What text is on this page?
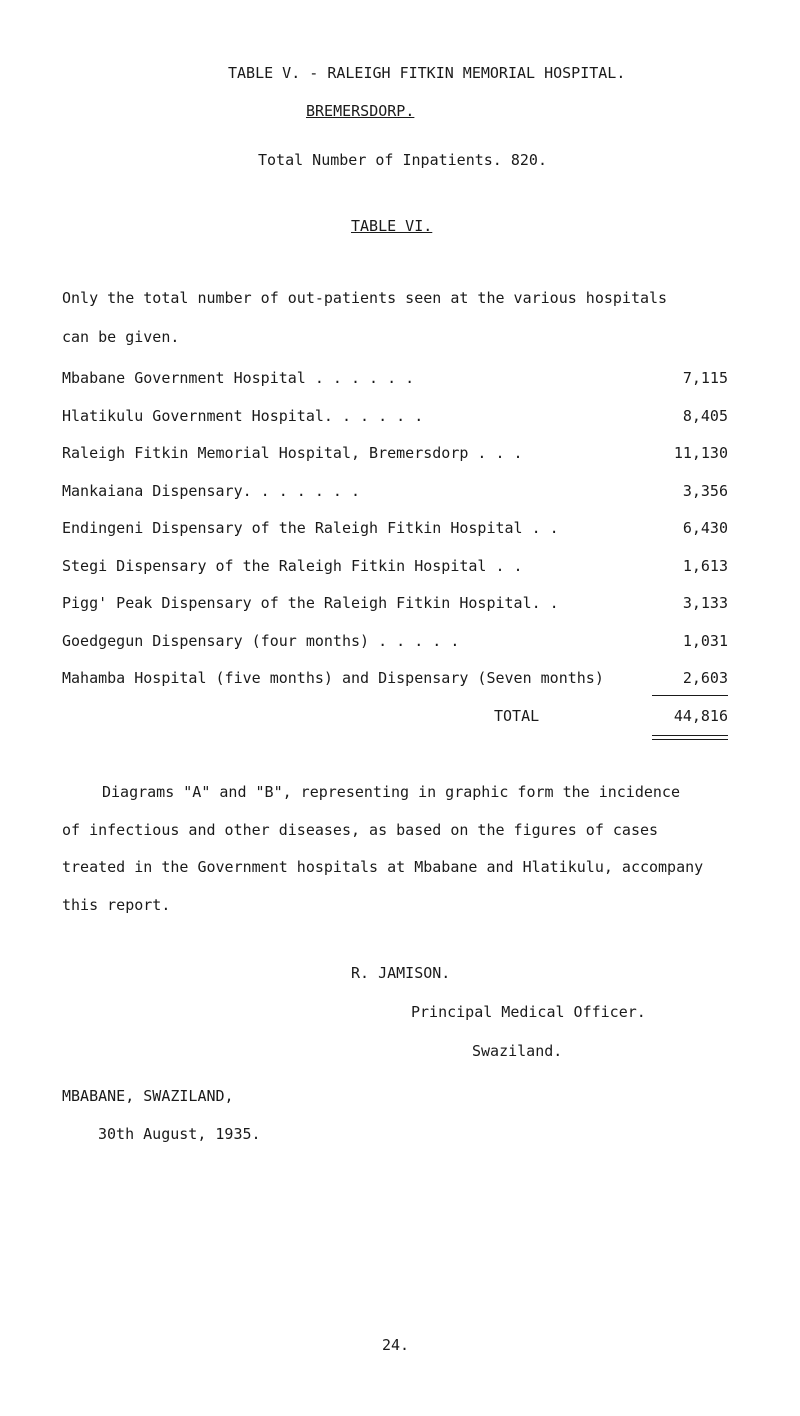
TABLE V. - RALEIGH FITKIN MEMORIAL HOSPITAL.
BREMERSDORP.
Total Number of Inpatients. 820.
TABLE VI.
Only the total number of out-patients seen at the various hospitals
can be given.
Mbabane Government Hospital . . . . . .	7,115
Hlatikulu Government Hospital. . . . . .	8,405
Raleigh Fitkin Memorial Hospital, Bremersdorp . . .	11,130
Mankaiana Dispensary. . . . . . .	3,356
Endingeni Dispensary of the Raleigh Fitkin Hospital . .	6,430
Stegi Dispensary of the Raleigh Fitkin Hospital . .	1,613
Pigg' Peak Dispensary of the Raleigh Fitkin Hospital. .	3,133
Goedgegun Dispensary (four months) . . . . .	1,031
Mahamba Hospital (five months) and Dispensary (Seven months)	2,603
TOTAL	44,816
Diagrams "A" and "B", representing in graphic form the incidence
of infectious and other diseases, as based on the figures of cases
treated in the Government hospitals at Mbabane and Hlatikulu, accompany
this report.
R. JAMISON.
Principal Medical Officer.
Swaziland.
MBABANE, SWAZILAND,
30th August, 1935.
24.
